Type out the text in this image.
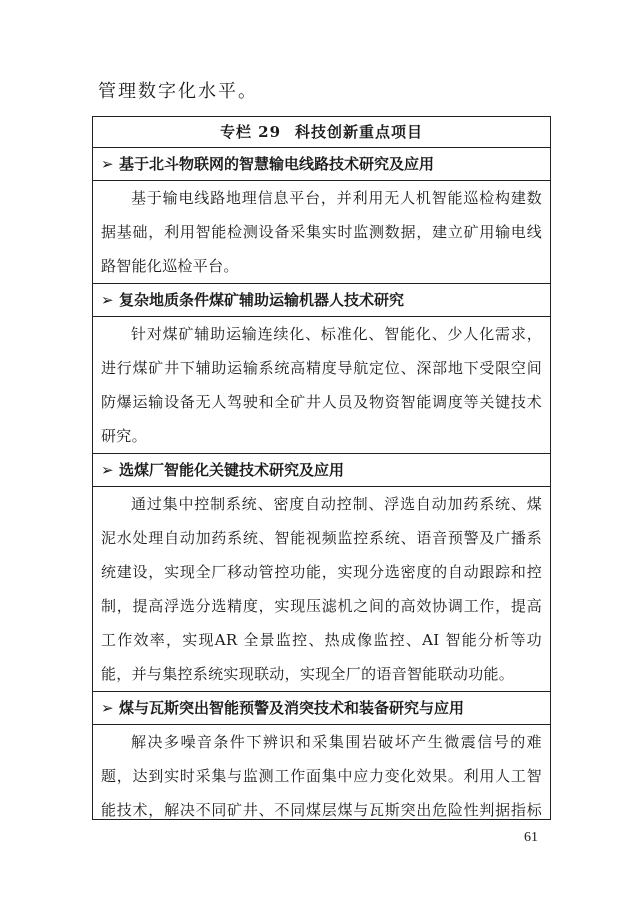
管理数字化水平。
专栏 29 科技创新重点项目
➢ 基于北斗物联网的智慧输电线路技术研究及应用

基于输电线路地理信息平台，并利用无人机智能巡检构建数据基础，利用智能检测设备采集实时监测数据，建立矿用输电线路智能化巡检平台。

➢ 复杂地质条件煤矿辅助运输机器人技术研究

针对煤矿辅助运输连续化、标准化、智能化、少人化需求，进行煤矿井下辅助运输系统高精度导航定位、深部地下受限空间防爆运输设备无人驾驶和全矿井人员及物资智能调度等关键技术研究。

➢ 选煤厂智能化关键技术研究及应用

通过集中控制系统、密度自动控制、浮选自动加药系统、煤泥水处理自动加药系统、智能视频监控系统、语音预警及广播系统建设，实现全厂移动管控功能，实现分选密度的自动跟踪和控制，提高浮选分选精度，实现压滤机之间的高效协调工作，提高工作效率，实现AR 全景监控、热成像监控、AI 智能分析等功能，并与集控系统实现联动，实现全厂的语音智能联动功能。

➢ 煤与瓦斯突出智能预警及消突技术和装备研究与应用

解决多噪音条件下辨识和采集围岩破坏产生微震信号的难题，达到实时采集与监测工作面集中应力变化效果。利用人工智能技术，解决不同矿井、不同煤层煤与瓦斯突出危险性判据指标

61
